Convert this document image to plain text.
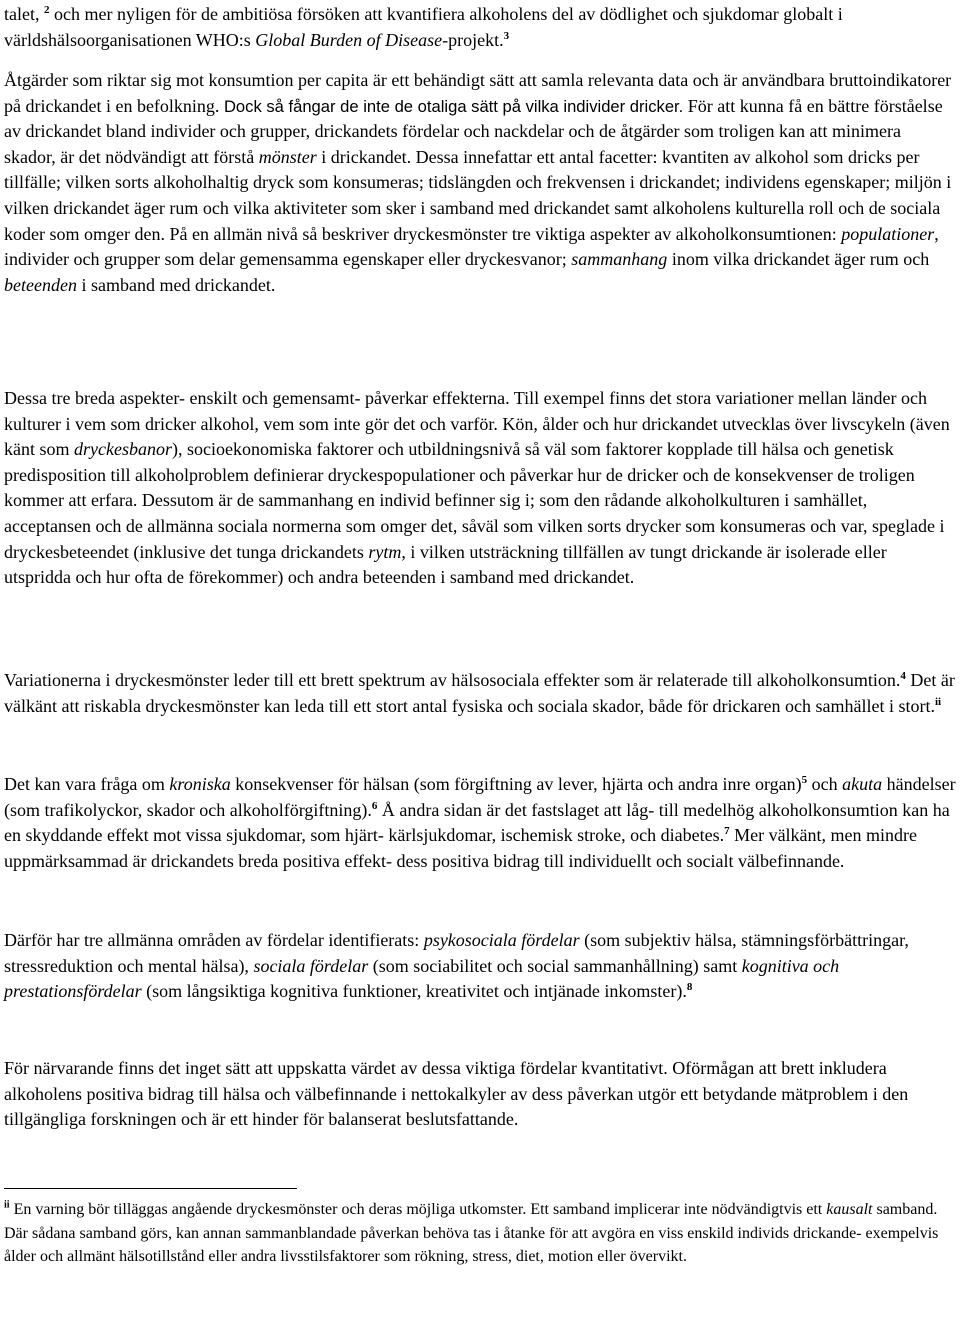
talet, $^2$ och mer nyligen för de ambitiösa försöken att kvantifiera alkoholens del av dödlighet och sjukdomar globalt i världshälsoorganisationen WHO:s Global Burden of Disease-projekt.$^3$

Åtgärder som riktar sig mot konsumtion per capita är ett behändigt sätt att samla relevanta data och är användbara bruttoindikatorer på drickandet i en befolkning. Dock så fångar de inte de otaliga sätt på vilka individer dricker. För att kunna få en bättre förståelse av drickandet bland individer och grupper, drickandets fördelar och nackdelar och de åtgärder som troligen kan att minimera skador, är det nödvändigt att förstå mönster i drickandet. Dessa innefattar ett antal facetter: kvantiten av alkohol som dricks per tillfälle; vilken sorts alkoholhaltig dryck som konsumeras; tidslängden och frekvensen i drickandet; individens egenskaper; miljön i vilken drickandet äger rum och vilka aktiviteter som sker i samband med drickandet samt alkoholens kulturella roll och de sociala koder som omger den. På en allmän nivå så beskriver dryckesmönster tre viktiga aspekter av alkoholkonsumtionen: populationer, individer och grupper som delar gemensamma egenskaper eller dryckesvanor; sammanhang inom vilka drickandet äger rum och beteenden i samband med drickandet.

Dessa tre breda aspekter- enskilt och gemensamt- påverkar effekterna. Till exempel finns det stora variationer mellan länder och kulturer i vem som dricker alkohol, vem som inte gör det och varför. Kön, ålder och hur drickandet utvecklas över livscykeln (även känt som dryckesbanor), socioekonomiska faktorer och utbildningsnivå så väl som faktorer kopplade till hälsa och genetisk predisposition till alkoholproblem definierar dryckespopulationer och påverkar hur de dricker och de konsekvenser de troligen kommer att erfara. Dessutom är de sammanhang en individ befinner sig i; som den rådande alkoholkulturen i samhället, acceptansen och de allmänna sociala normerna som omger det, såväl som vilken sorts drycker som konsumeras och var, speglade i dryckesbeteendet (inklusive det tunga drickandets rytm, i vilken utsträckning tillfällen av tungt drickande är isolerade eller utspridda och hur ofta de förekommer) och andra beteenden i samband med drickandet.

Variationerna i dryckesmönster leder till ett brett spektrum av hälsosociala effekter som är relaterade till alkoholkonsumtion.$^4$ Det är välkänt att riskabla dryckesmönster kan leda till ett stort antal fysiska och sociala skador, både för drickaren och samhället i stort.$^{ii}$

Det kan vara fråga om kroniska konsekvenser för hälsan (som förgiftning av lever, hjärta och andra inre organ)$^5$ och akuta händelser (som trafikolyckor, skador och alkoholförgiftning).$^6$ Å andra sidan är det fastslaget att låg- till medelhög alkoholkonsumtion kan ha en skyddande effekt mot vissa sjukdomar, som hjärt- kärlsjukdomar, ischemisk stroke, och diabetes.$^7$ Mer välkänt, men mindre uppmärksammad är drickandets breda positiva effekt- dess positiva bidrag till individuellt och socialt välbefinnande.

Därför har tre allmänna områden av fördelar identifierats: psykosociala fördelar (som subjektiv hälsa, stämningsförbättringar, stressreduktion och mental hälsa), sociala fördelar (som sociabilitet och social sammanhållning) samt kognitiva och prestationsfördelar (som långsiktiga kognitiva funktioner, kreativitet och intjänade inkomster).$^8$

För närvarande finns det inget sätt att uppskatta värdet av dessa viktiga fördelar kvantitativt. Oförmågan att brett inkludera alkoholens positiva bidrag till hälsa och välbefinnande i nettokalkyler av dess påverkan utgör ett betydande mätproblem i den tillgängliga forskningen och är ett hinder för balanserat beslutsfattande.

$^{ii}$ En varning bör tilläggas angående dryckesmönster och deras möjliga utkomster. Ett samband implicerar inte nödvändigtvis ett kausalt samband. Där sådana samband görs, kan annan sammanblandade påverkan behöva tas i åtanke för att avgöra en viss enskild individs drickande- exempelvis ålder och allmänt hälsotillstånd eller andra livsstilsfaktorer som rökning, stress, diet, motion eller övervikt.
